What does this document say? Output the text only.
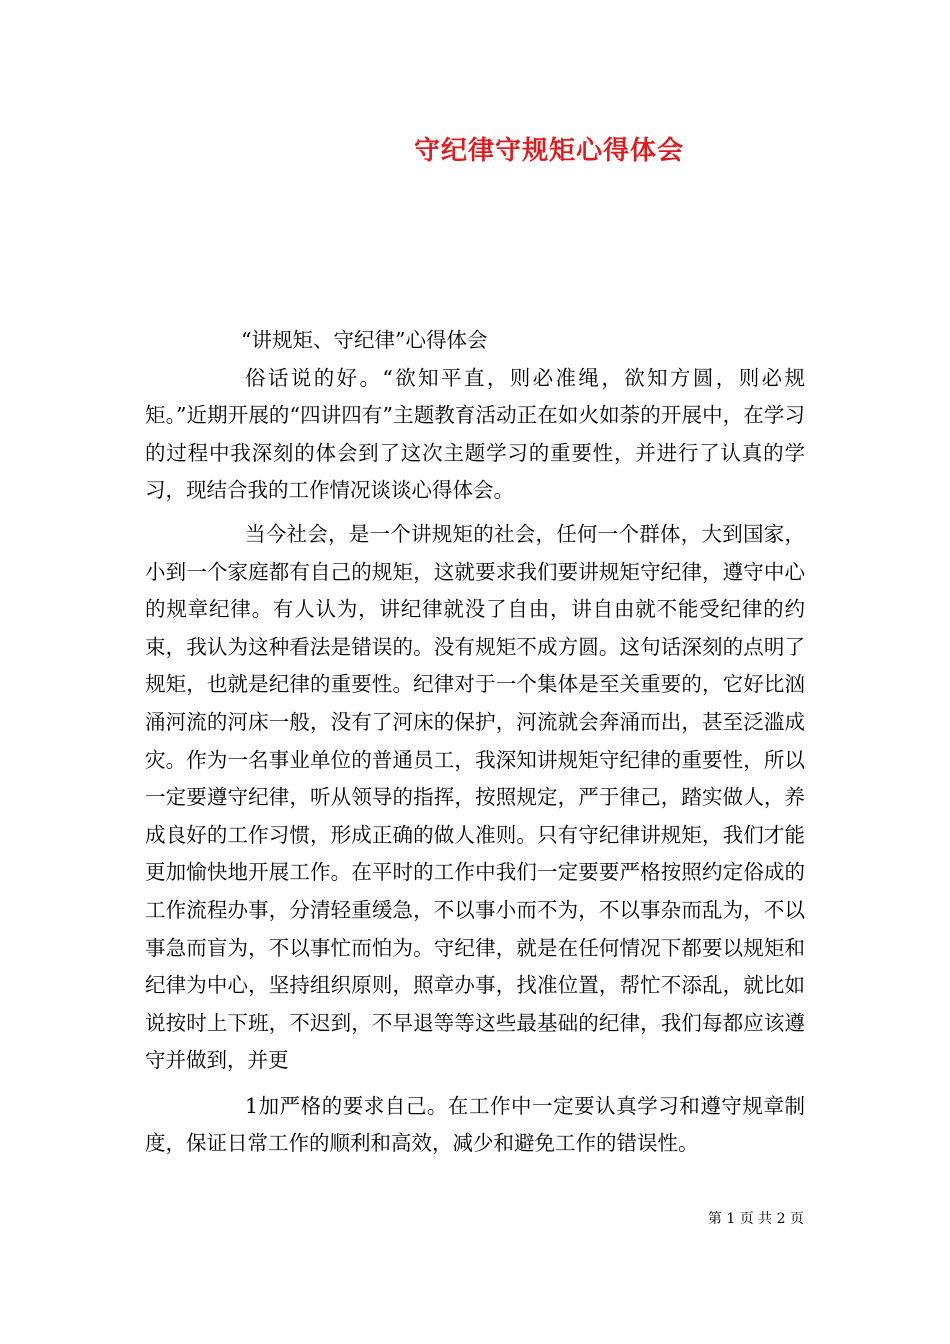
守纪律守规矩心得体会

“讲规矩、守纪律”心得体会

俗话说的好。“欲知平直，则必准绳，欲知方圆，则必规矩。”近期开展的“四讲四有”主题教育活动正在如火如荼的开展中，在学习的过程中我深刻的体会到了这次主题学习的重要性，并进行了认真的学习，现结合我的工作情况谈谈心得体会。

当今社会，是一个讲规矩的社会，任何一个群体，大到国家，小到一个家庭都有自己的规矩，这就要求我们要讲规矩守纪律，遵守中心的规章纪律。有人认为，讲纪律就没了自由，讲自由就不能受纪律的约束，我认为这种看法是错误的。没有规矩不成方圆。这句话深刻的点明了规矩，也就是纪律的重要性。纪律对于一个集体是至关重要的，它好比汹涌河流的河床一般，没有了河床的保护，河流就会奔涌而出，甚至泛滥成灾。作为一名事业单位的普通员工，我深知讲规矩守纪律的重要性，所以一定要遵守纪律，听从领导的指挥，按照规定，严于律己，踏实做人，养成良好的工作习惯，形成正确的做人准则。只有守纪律讲规矩，我们才能更加愉快地开展工作。在平时的工作中我们一定要要严格按照约定俗成的工作流程办事，分清轻重缓急，不以事小而不为，不以事杂而乱为，不以事急而盲为，不以事忙而怕为。守纪律，就是在任何情况下都要以规矩和纪律为中心，坚持组织原则，照章办事，找准位置，帮忙不添乱，就比如说按时上下班，不迟到，不早退等等这些最基础的纪律，我们每都应该遵守并做到，并更

1加严格的要求自己。在工作中一定要认真学习和遵守规章制度，保证日常工作的顺利和高效，减少和避免工作的错误性。

第 1 页 共 2 页
